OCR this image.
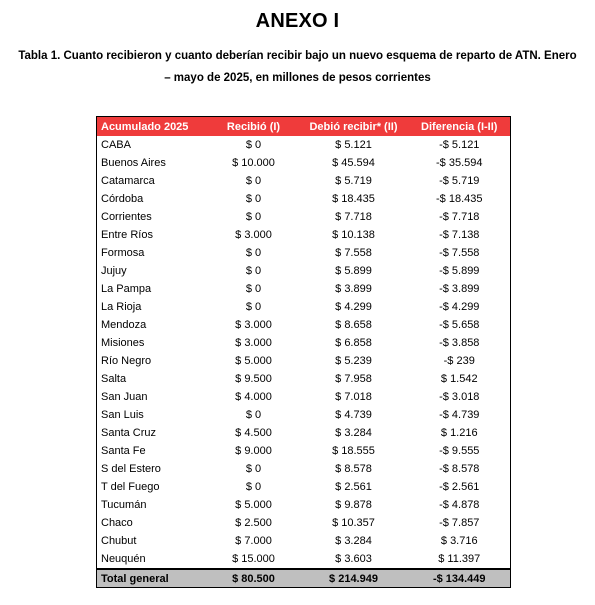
ANEXO I
Tabla 1. Cuanto recibieron y cuanto deberían recibir bajo un nuevo esquema de reparto de ATN. Enero – mayo de 2025, en millones de pesos corrientes
Acumulado 2025	Recibió (I)	Debió recibir* (II)	Diferencia (I-II)
CABA	$ 0	$ 5.121	-$ 5.121
Buenos Aires	$ 10.000	$ 45.594	-$ 35.594
Catamarca	$ 0	$ 5.719	-$ 5.719
Córdoba	$ 0	$ 18.435	-$ 18.435
Corrientes	$ 0	$ 7.718	-$ 7.718
Entre Ríos	$ 3.000	$ 10.138	-$ 7.138
Formosa	$ 0	$ 7.558	-$ 7.558
Jujuy	$ 0	$ 5.899	-$ 5.899
La Pampa	$ 0	$ 3.899	-$ 3.899
La Rioja	$ 0	$ 4.299	-$ 4.299
Mendoza	$ 3.000	$ 8.658	-$ 5.658
Misiones	$ 3.000	$ 6.858	-$ 3.858
Río Negro	$ 5.000	$ 5.239	-$ 239
Salta	$ 9.500	$ 7.958	$ 1.542
San Juan	$ 4.000	$ 7.018	-$ 3.018
San Luis	$ 0	$ 4.739	-$ 4.739
Santa Cruz	$ 4.500	$ 3.284	$ 1.216
Santa Fe	$ 9.000	$ 18.555	-$ 9.555
S del Estero	$ 0	$ 8.578	-$ 8.578
T del Fuego	$ 0	$ 2.561	-$ 2.561
Tucumán	$ 5.000	$ 9.878	-$ 4.878
Chaco	$ 2.500	$ 10.357	-$ 7.857
Chubut	$ 7.000	$ 3.284	$ 3.716
Neuquén	$ 15.000	$ 3.603	$ 11.397
Total general	$ 80.500	$ 214.949	-$ 134.449
